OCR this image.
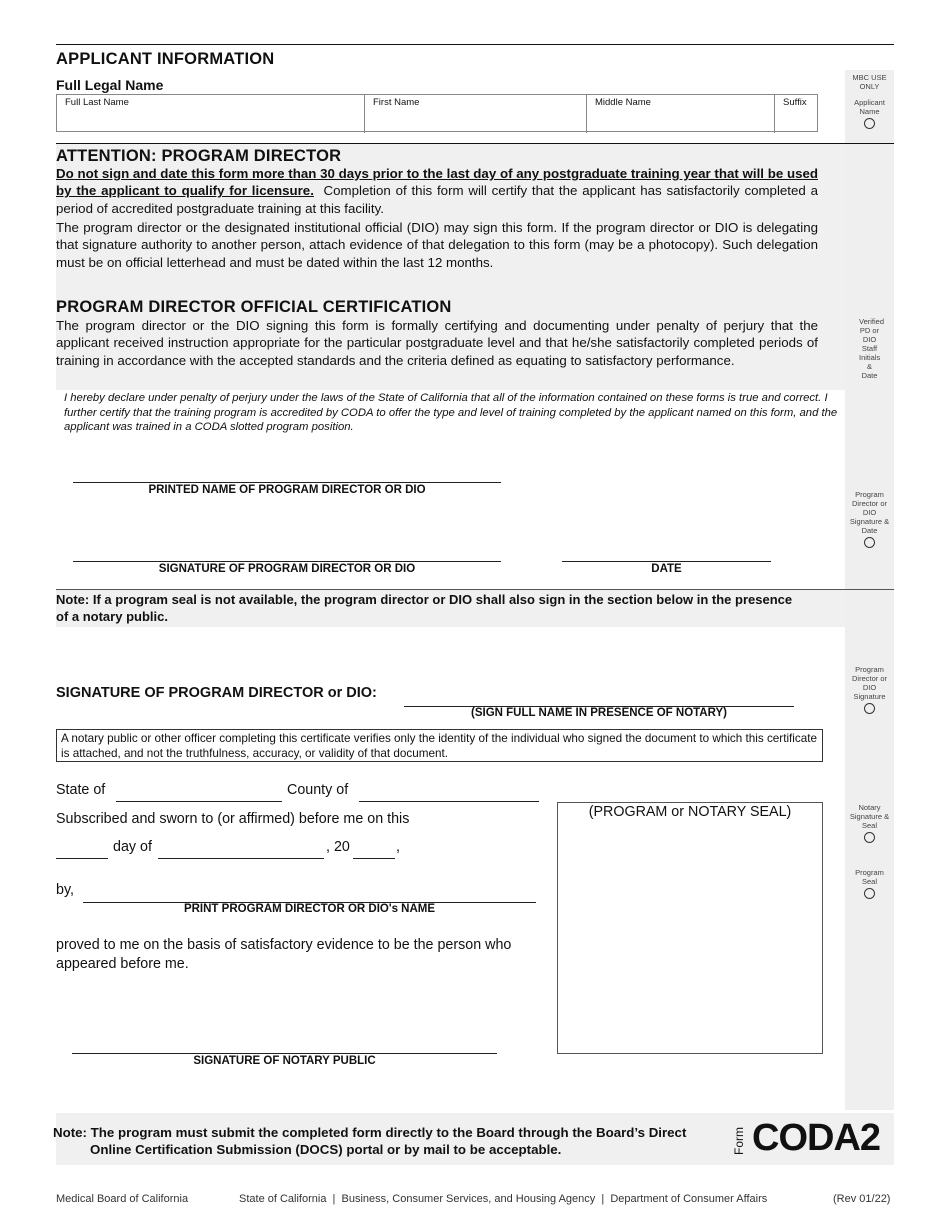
MBC USE ONLY
Applicant Name
Verified PD or DIO Staff Initials & Date
Program Director or DIO Signature & Date
Program Director or DIO Signature
Notary Signature & Seal
Program Seal
APPLICANT INFORMATION
Full Legal Name
Full Last Name	First Name	Middle Name	Suffix
ATTENTION: PROGRAM DIRECTOR
Do not sign and date this form more than 30 days prior to the last day of any postgraduate training year that will be used by the applicant to qualify for licensure. Completion of this form will certify that the applicant has satisfactorily completed a period of accredited postgraduate training at this facility.
The program director or the designated institutional official (DIO) may sign this form. If the program director or DIO is delegating that signature authority to another person, attach evidence of that delegation to this form (may be a photocopy). Such delegation must be on official letterhead and must be dated within the last 12 months.
PROGRAM DIRECTOR OFFICIAL CERTIFICATION
The program director or the DIO signing this form is formally certifying and documenting under penalty of perjury that the applicant received instruction appropriate for the particular postgraduate level and that he/she satisfactorily completed periods of training in accordance with the accepted standards and the criteria defined as equating to satisfactory performance.
I hereby declare under penalty of perjury under the laws of the State of California that all of the information contained on these forms is true and correct. I further certify that the training program is accredited by CODA to offer the type and level of training completed by the applicant named on this form, and the applicant was trained in a CODA slotted program position.
PRINTED NAME OF PROGRAM DIRECTOR OR DIO
SIGNATURE OF PROGRAM DIRECTOR OR DIO	DATE
Note: If a program seal is not available, the program director or DIO shall also sign in the section below in the presence of a notary public.
SIGNATURE OF PROGRAM DIRECTOR or DIO:
(SIGN FULL NAME IN PRESENCE OF NOTARY)
A notary public or other officer completing this certificate verifies only the identity of the individual who signed the document to which this certificate is attached, and not the truthfulness, accuracy, or validity of that document.
State of	County of
Subscribed and sworn to (or affirmed) before me on this
day of	, 20	,
by,
PRINT PROGRAM DIRECTOR OR DIO's NAME
proved to me on the basis of satisfactory evidence to be the person who appeared before me.
(PROGRAM or NOTARY SEAL)
SIGNATURE OF NOTARY PUBLIC
Note: The program must submit the completed form directly to the Board through the Board’s Direct
Online Certification Submission (DOCS) portal or by mail to be acceptable.	Form CODA2
Medical Board of California	State of California  |  Business, Consumer Services, and Housing Agency  |  Department of Consumer Affairs	(Rev 01/22)
